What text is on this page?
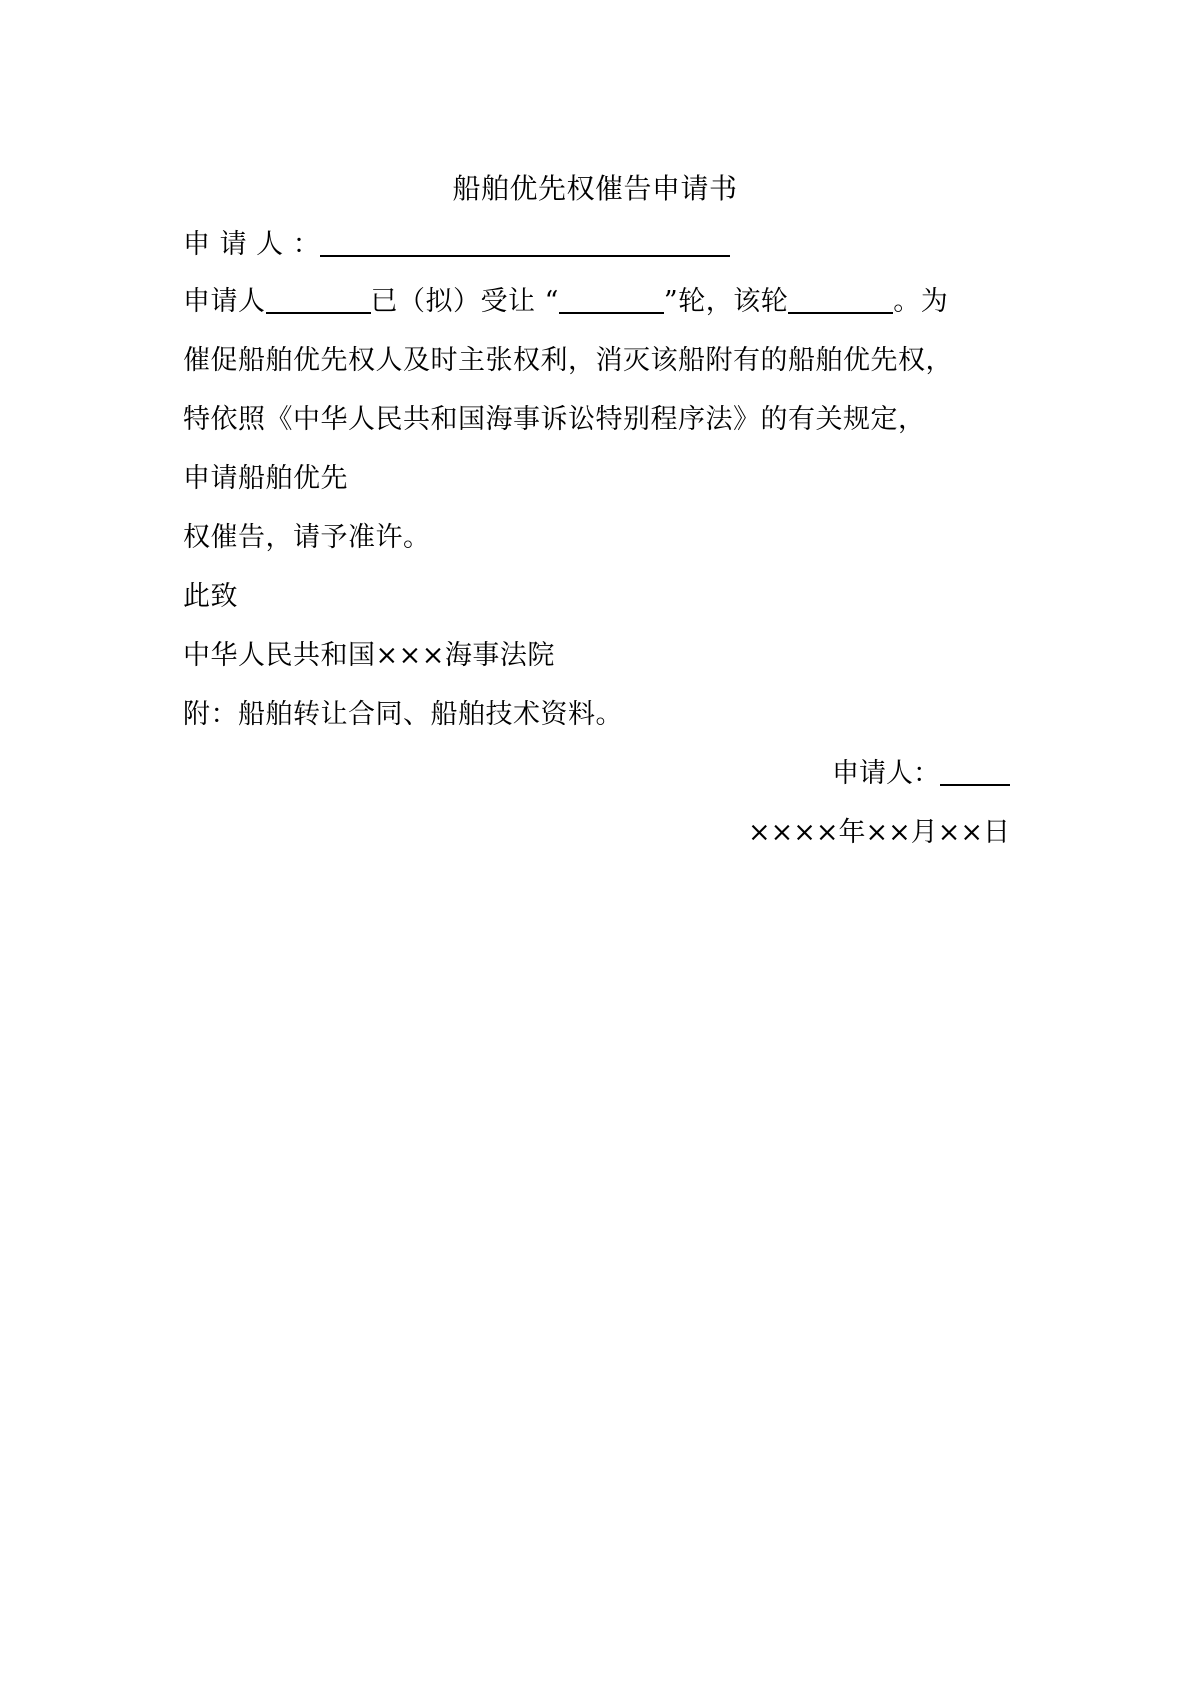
船舶优先权催告申请书
申 请 人 ：
申请人	已（拟）受让 “	”轮，该轮	。为
催促船舶优先权人及时主张权利，消灭该船附有的船舶优先权，
特依照《中华人民共和国海事诉讼特别程序法》的有关规定，
申请船舶优先
权催告，请予准许。
此致
中华人民共和国×××海事法院
附：船舶转让合同、船舶技术资料。
申请人：
××××年××月××日
